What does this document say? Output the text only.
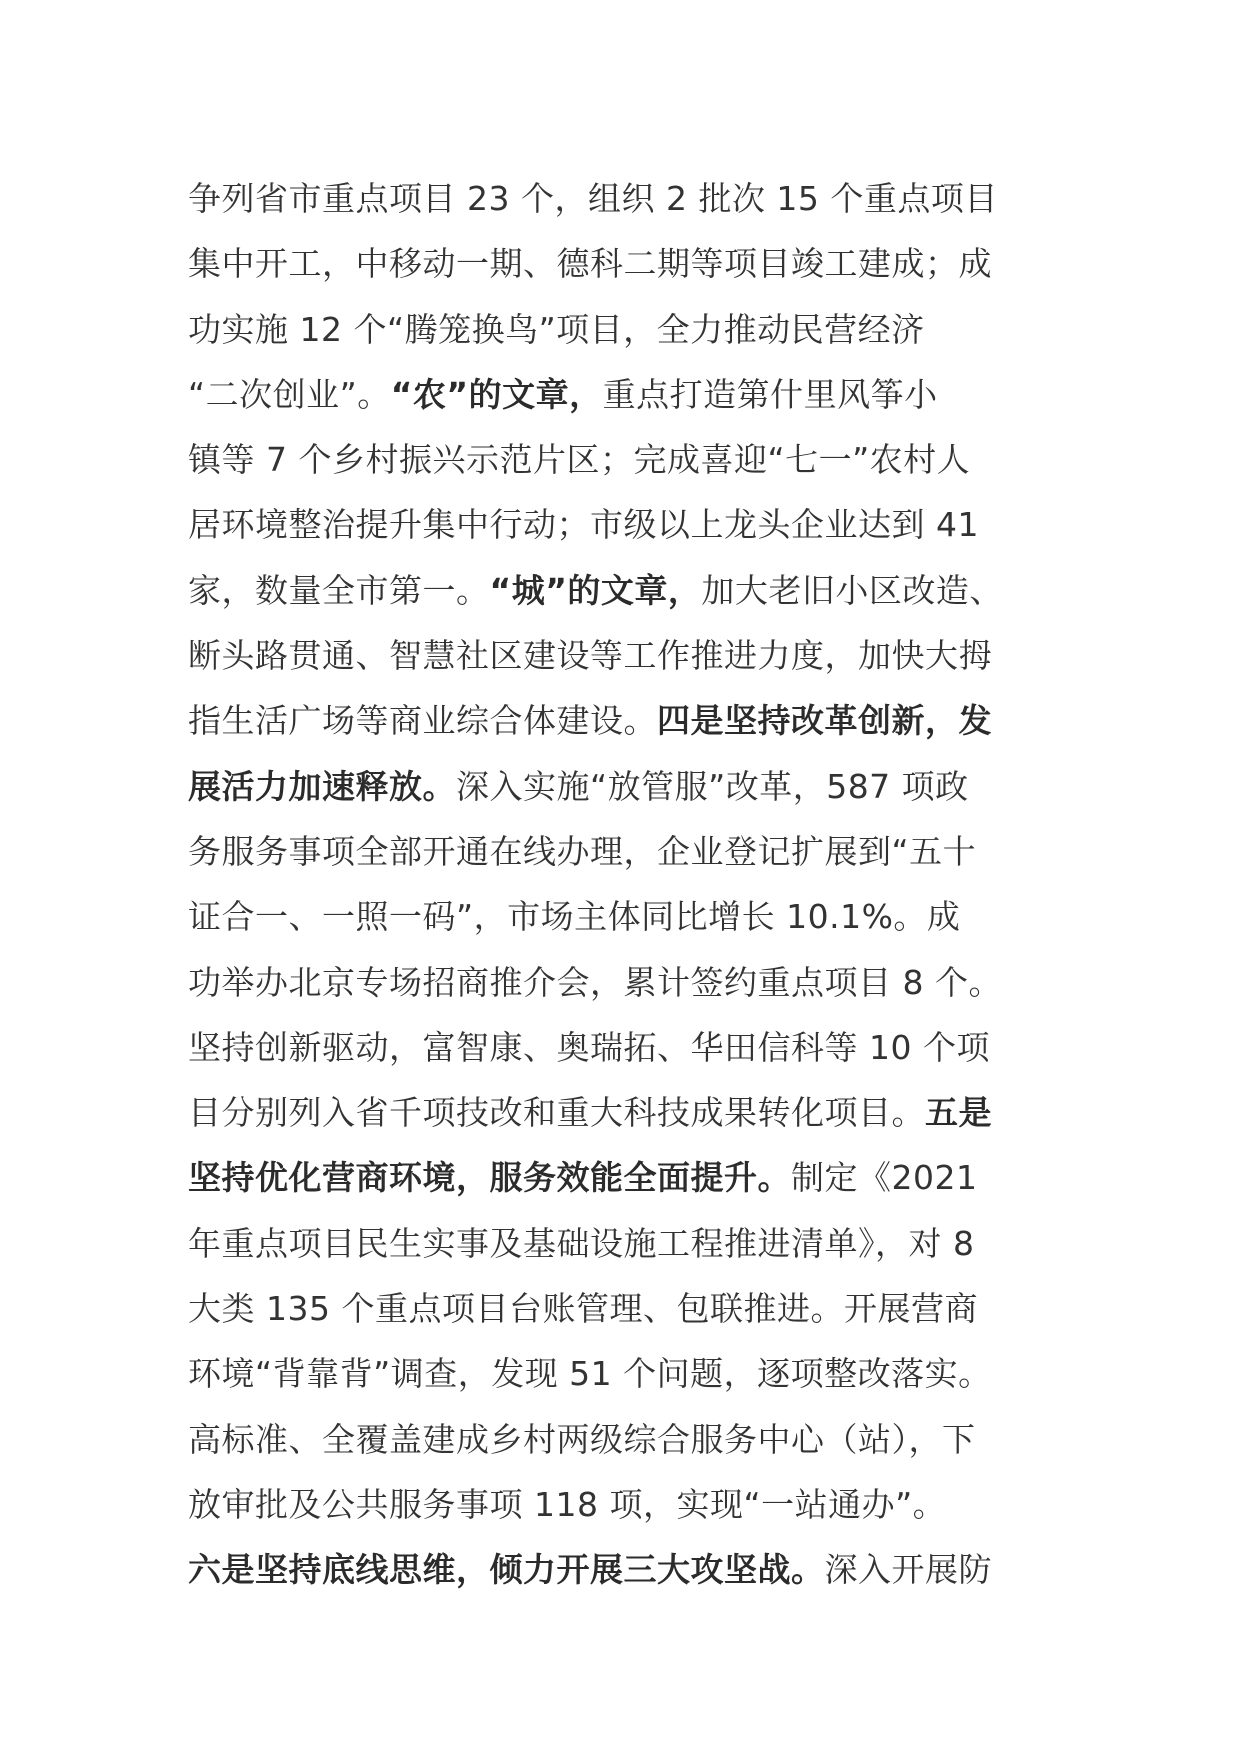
争列省市重点项目 23 个，组织 2 批次 15 个重点项目
集中开工，中移动一期、德科二期等项目竣工建成；成
功实施 12 个“腾笼换鸟”项目，全力推动民营经济
“二次创业”。“农”的文章，重点打造第什里风筝小
镇等 7 个乡村振兴示范片区；完成喜迎“七一”农村人
居环境整治提升集中行动；市级以上龙头企业达到 41
家，数量全市第一。“城”的文章，加大老旧小区改造、
断头路贯通、智慧社区建设等工作推进力度，加快大拇
指生活广场等商业综合体建设。四是坚持改革创新，发
展活力加速释放。深入实施“放管服”改革，587 项政
务服务事项全部开通在线办理，企业登记扩展到“五十
证合一、一照一码”，市场主体同比增长 10.1%。成
功举办北京专场招商推介会，累计签约重点项目 8 个。
坚持创新驱动，富智康、奥瑞拓、华田信科等 10 个项
目分别列入省千项技改和重大科技成果转化项目。五是
坚持优化营商环境，服务效能全面提升。制定《2021
年重点项目民生实事及基础设施工程推进清单》，对 8
大类 135 个重点项目台账管理、包联推进。开展营商
环境“背靠背”调查，发现 51 个问题，逐项整改落实。
高标准、全覆盖建成乡村两级综合服务中心（站），下
放审批及公共服务事项 118 项，实现“一站通办”。
六是坚持底线思维，倾力开展三大攻坚战。深入开展防
